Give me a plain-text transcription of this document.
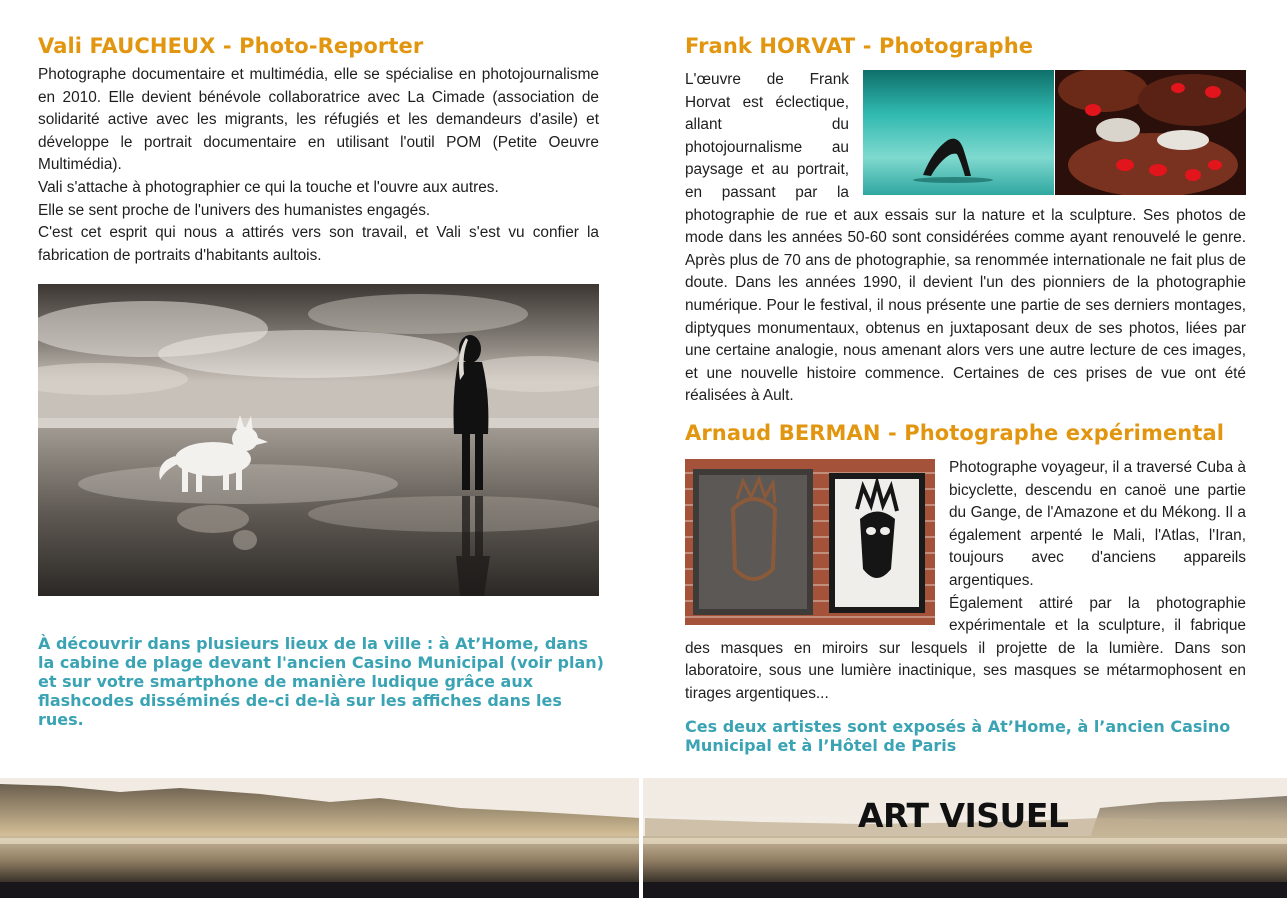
Vali FAUCHEUX - Photo-Reporter

Photographe documentaire et multimédia, elle se spécialise en photojournalisme en 2010. Elle devient bénévole collaboratrice avec La Cimade (association de solidarité active avec les migrants, les réfugiés et les demandeurs d'asile) et développe le portrait documentaire en utilisant l'outil POM (Petite Oeuvre Multimédia).

Vali s'attache à photographier ce qui la touche et l'ouvre aux autres.

Elle se sent proche de l'univers des humanistes engagés.

C'est cet esprit qui nous a attirés vers son travail, et Vali s'est vu confier la fabrication de portraits d'habitants aultois.

À découvrir dans plusieurs lieux de la ville : à At’Home, dans la cabine de plage devant l'ancien Casino Municipal (voir plan) et sur votre smartphone de manière ludique grâce aux flashcodes disséminés de-ci de-là sur les affiches dans les rues.

Frank HORVAT - Photographe

L'œuvre de Frank Horvat est éclectique, allant du photojournalisme au paysage et au portrait, en passant par la photographie de rue et aux essais sur la nature et la sculpture. Ses photos de mode dans les années 50-60 sont considérées comme ayant renouvelé le genre. Après plus de 70 ans de photographie, sa renommée internationale ne fait plus de doute. Dans les années 1990, il devient l'un des pionniers de la photographie numérique. Pour le festival, il nous présente une partie de ses derniers montages, diptyques monumentaux, obtenus en juxtaposant deux de ses photos, liées par une certaine analogie, nous amenant alors vers une autre lecture de ces images, et une nouvelle histoire commence. Certaines de ces prises de vue ont été réalisées à Ault.

Arnaud BERMAN - Photographe expérimental

Photographe voyageur, il a traversé Cuba à bicyclette, descendu en canoë une partie du Gange, de l'Amazone et du Mékong. Il a également arpenté le Mali, l'Atlas, l'Iran, toujours avec d'anciens appareils argentiques.

Également attiré par la photographie expérimentale et la sculpture, il fabrique des masques en miroirs sur lesquels il projette de la lumière. Dans son laboratoire, sous une lumière inactinique, ses masques se métarmophosent en tirages argentiques...

Ces deux artistes sont exposés à At’Home, à l’ancien Casino Municipal et à l’Hôtel de Paris

ART VISUEL
